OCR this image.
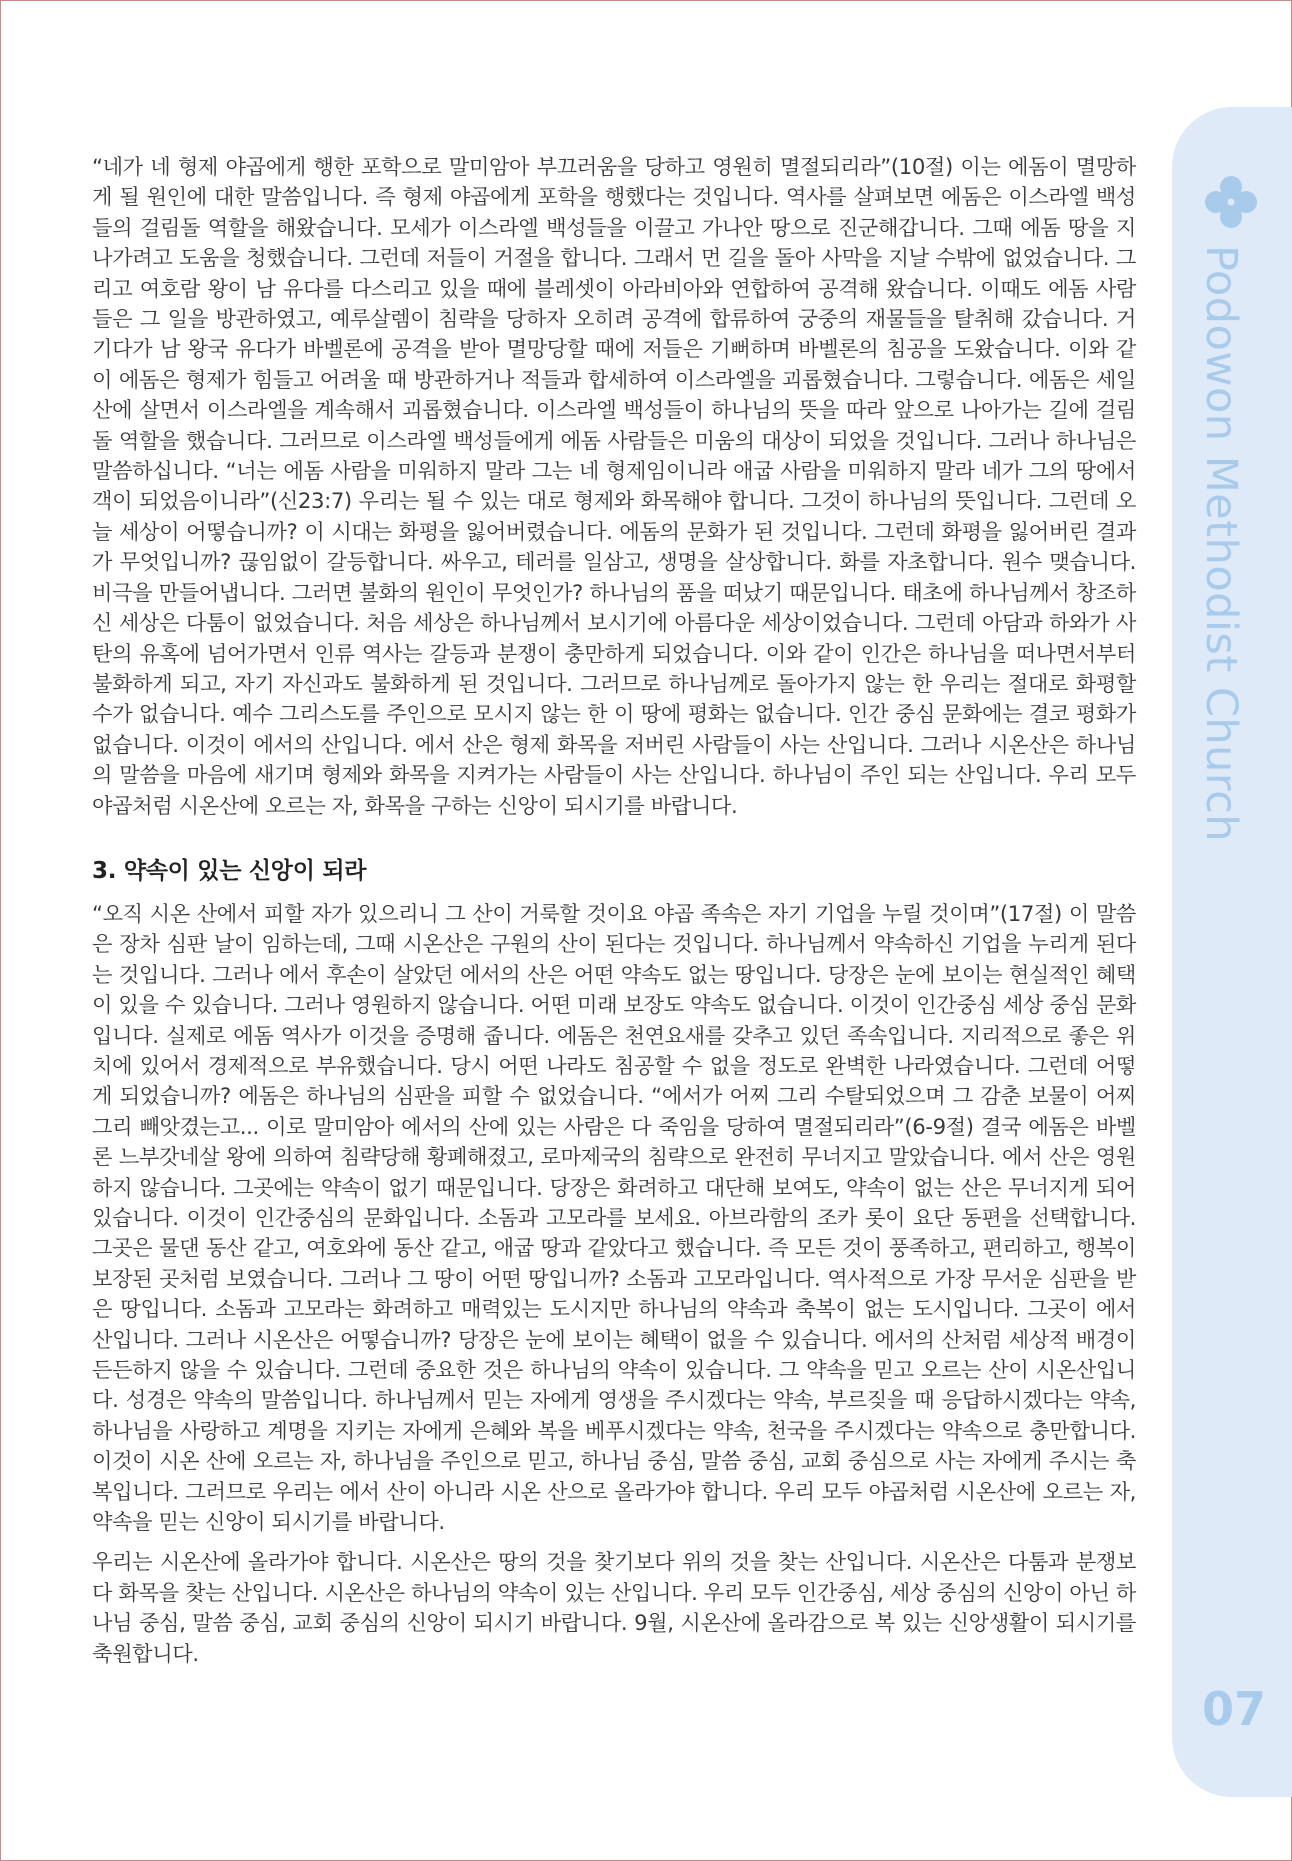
Podowon Methodist Church
07

“네가 네 형제 야곱에게 행한 포학으로 말미암아 부끄러움을 당하고 영원히 멸절되리라”(10절) 이는 에돔이 멸망하게 될 원인에 대한 말씀입니다. 즉 형제 야곱에게 포학을 행했다는 것입니다. 역사를 살펴보면 에돔은 이스라엘 백성들의 걸림돌 역할을 해왔습니다. 모세가 이스라엘 백성들을 이끌고 가나안 땅으로 진군해갑니다. 그때 에돔 땅을 지나가려고 도움을 청했습니다. 그런데 저들이 거절을 합니다. 그래서 먼 길을 돌아 사막을 지날 수밖에 없었습니다. 그리고 여호람 왕이 남 유다를 다스리고 있을 때에 블레셋이 아라비아와 연합하여 공격해 왔습니다. 이때도 에돔 사람들은 그 일을 방관하였고, 예루살렘이 침략을 당하자 오히려 공격에 합류하여 궁중의 재물들을 탈취해 갔습니다. 거기다가 남 왕국 유다가 바벨론에 공격을 받아 멸망당할 때에 저들은 기뻐하며 바벨론의 침공을 도왔습니다. 이와 같이 에돔은 형제가 힘들고 어려울 때 방관하거나 적들과 합세하여 이스라엘을 괴롭혔습니다. 그렇습니다. 에돔은 세일산에 살면서 이스라엘을 계속해서 괴롭혔습니다. 이스라엘 백성들이 하나님의 뜻을 따라 앞으로 나아가는 길에 걸림돌 역할을 했습니다. 그러므로 이스라엘 백성들에게 에돔 사람들은 미움의 대상이 되었을 것입니다. 그러나 하나님은 말씀하십니다. “너는 에돔 사람을 미워하지 말라 그는 네 형제임이니라 애굽 사람을 미워하지 말라 네가 그의 땅에서 객이 되었음이니라”(신23:7) 우리는 될 수 있는 대로 형제와 화목해야 합니다. 그것이 하나님의 뜻입니다. 그런데 오늘 세상이 어떻습니까? 이 시대는 화평을 잃어버렸습니다. 에돔의 문화가 된 것입니다. 그런데 화평을 잃어버린 결과가 무엇입니까? 끊임없이 갈등합니다. 싸우고, 테러를 일삼고, 생명을 살상합니다. 화를 자초합니다. 원수 맺습니다. 비극을 만들어냅니다. 그러면 불화의 원인이 무엇인가? 하나님의 품을 떠났기 때문입니다. 태초에 하나님께서 창조하신 세상은 다툼이 없었습니다. 처음 세상은 하나님께서 보시기에 아름다운 세상이었습니다. 그런데 아담과 하와가 사탄의 유혹에 넘어가면서 인류 역사는 갈등과 분쟁이 충만하게 되었습니다. 이와 같이 인간은 하나님을 떠나면서부터 불화하게 되고, 자기 자신과도 불화하게 된 것입니다. 그러므로 하나님께로 돌아가지 않는 한 우리는 절대로 화평할 수가 없습니다. 예수 그리스도를 주인으로 모시지 않는 한 이 땅에 평화는 없습니다. 인간 중심 문화에는 결코 평화가 없습니다. 이것이 에서의 산입니다. 에서 산은 형제 화목을 저버린 사람들이 사는 산입니다. 그러나 시온산은 하나님의 말씀을 마음에 새기며 형제와 화목을 지켜가는 사람들이 사는 산입니다. 하나님이 주인 되는 산입니다. 우리 모두 야곱처럼 시온산에 오르는 자, 화목을 구하는 신앙이 되시기를 바랍니다.

3. 약속이 있는 신앙이 되라

“오직 시온 산에서 피할 자가 있으리니 그 산이 거룩할 것이요 야곱 족속은 자기 기업을 누릴 것이며”(17절) 이 말씀은 장차 심판 날이 임하는데, 그때 시온산은 구원의 산이 된다는 것입니다. 하나님께서 약속하신 기업을 누리게 된다는 것입니다. 그러나 에서 후손이 살았던 에서의 산은 어떤 약속도 없는 땅입니다. 당장은 눈에 보이는 현실적인 혜택이 있을 수 있습니다. 그러나 영원하지 않습니다. 어떤 미래 보장도 약속도 없습니다. 이것이 인간중심 세상 중심 문화입니다. 실제로 에돔 역사가 이것을 증명해 줍니다. 에돔은 천연요새를 갖추고 있던 족속입니다. 지리적으로 좋은 위치에 있어서 경제적으로 부유했습니다. 당시 어떤 나라도 침공할 수 없을 정도로 완벽한 나라였습니다. 그런데 어떻게 되었습니까? 에돔은 하나님의 심판을 피할 수 없었습니다. “에서가 어찌 그리 수탈되었으며 그 감춘 보물이 어찌 그리 빼앗겼는고... 이로 말미암아 에서의 산에 있는 사람은 다 죽임을 당하여 멸절되리라”(6-9절) 결국 에돔은 바벨론 느부갓네살 왕에 의하여 침략당해 황폐해졌고, 로마제국의 침략으로 완전히 무너지고 말았습니다. 에서 산은 영원하지 않습니다. 그곳에는 약속이 없기 때문입니다. 당장은 화려하고 대단해 보여도, 약속이 없는 산은 무너지게 되어 있습니다. 이것이 인간중심의 문화입니다. 소돔과 고모라를 보세요. 아브라함의 조카 롯이 요단 동편을 선택합니다. 그곳은 물댄 동산 같고, 여호와에 동산 같고, 애굽 땅과 같았다고 했습니다. 즉 모든 것이 풍족하고, 편리하고, 행복이 보장된 곳처럼 보였습니다. 그러나 그 땅이 어떤 땅입니까? 소돔과 고모라입니다. 역사적으로 가장 무서운 심판을 받은 땅입니다. 소돔과 고모라는 화려하고 매력있는 도시지만 하나님의 약속과 축복이 없는 도시입니다. 그곳이 에서 산입니다. 그러나 시온산은 어떻습니까? 당장은 눈에 보이는 혜택이 없을 수 있습니다. 에서의 산처럼 세상적 배경이 든든하지 않을 수 있습니다. 그런데 중요한 것은 하나님의 약속이 있습니다. 그 약속을 믿고 오르는 산이 시온산입니다. 성경은 약속의 말씀입니다. 하나님께서 믿는 자에게 영생을 주시겠다는 약속, 부르짖을 때 응답하시겠다는 약속, 하나님을 사랑하고 계명을 지키는 자에게 은혜와 복을 베푸시겠다는 약속, 천국을 주시겠다는 약속으로 충만합니다. 이것이 시온 산에 오르는 자, 하나님을 주인으로 믿고, 하나님 중심, 말씀 중심, 교회 중심으로 사는 자에게 주시는 축복입니다. 그러므로 우리는 에서 산이 아니라 시온 산으로 올라가야 합니다. 우리 모두 야곱처럼 시온산에 오르는 자, 약속을 믿는 신앙이 되시기를 바랍니다.

우리는 시온산에 올라가야 합니다. 시온산은 땅의 것을 찾기보다 위의 것을 찾는 산입니다. 시온산은 다툼과 분쟁보다 화목을 찾는 산입니다. 시온산은 하나님의 약속이 있는 산입니다. 우리 모두 인간중심, 세상 중심의 신앙이 아닌 하나님 중심, 말씀 중심, 교회 중심의 신앙이 되시기 바랍니다. 9월, 시온산에 올라감으로 복 있는 신앙생활이 되시기를 축원합니다.
